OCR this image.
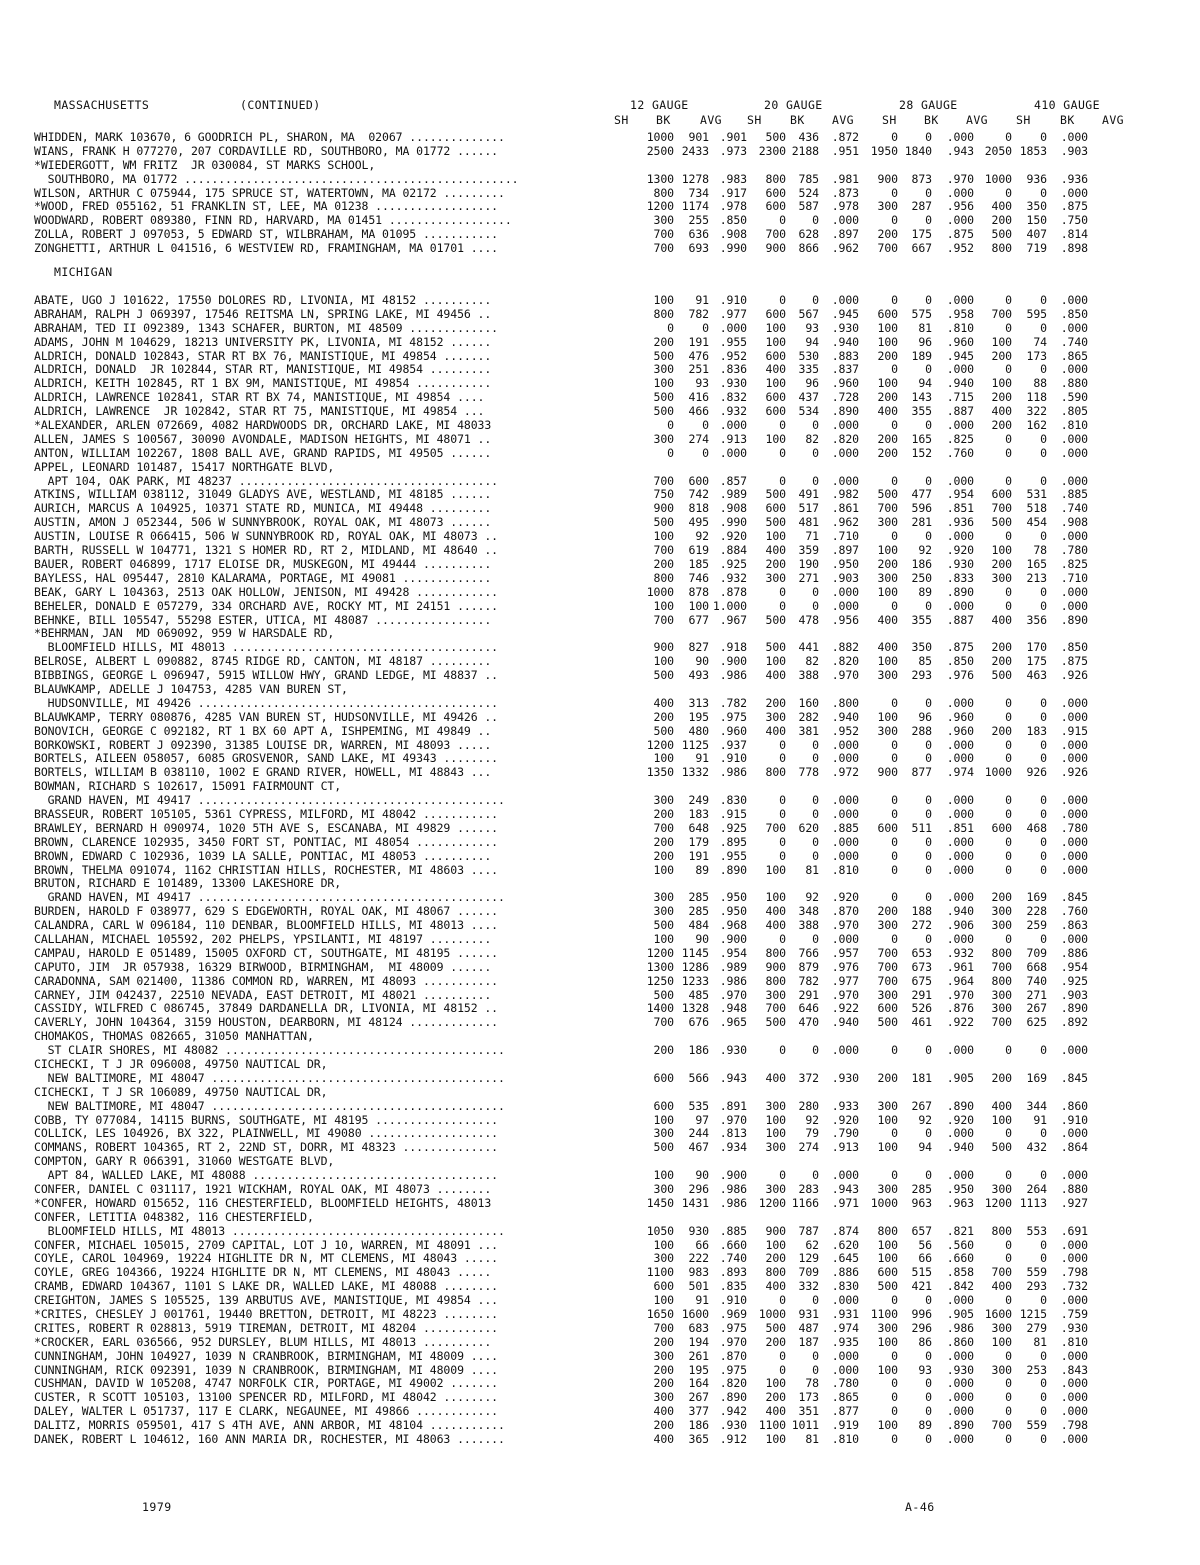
MASSACHUSETTS	(CONTINUED)	12 GAUGE	20 GAUGE	28 GAUGE	410 GAUGE
SH BK	AVG SH BK AVG SH BK AVG SH	BK AVG
WHIDDEN, MARK 103670, 6 GOODRICH PL, SHARON, MA  02067 ..............	1000 901 .901 500 436 .872	0 0 .000	0 0 .000
WIANS, FRANK H 077270, 207 CORDAVILLE RD, SOUTHBORO, MA 01772 ......	2500 2433 .973 2300 2188 .951 1950 1840 .943 2050 1853 .903
*WIEDERGOTT, WM FRITZ  JR 030084, ST MARKS SCHOOL,
SOUTHBORO, MA 01772 .................................................	1300 1278 .983 800 785 .981 900 873 .970 1000 936 .936
WILSON, ARTHUR C 075944, 175 SPRUCE ST, WATERTOWN, MA 02172 .........	800 734 .917 600 524 .873	0 0 .000	0 0 .000
*WOOD, FRED 055162, 51 FRANKLIN ST, LEE, MA 01238 ..................	1200 1174 .978 600 587 .978 300 287 .956 400 350 .875
WOODWARD, ROBERT 089380, FINN RD, HARVARD, MA 01451 ..................	300 255 .850	0 0 .000	0 0 .000 200 150 .750
ZOLLA, ROBERT J 097053, 5 EDWARD ST, WILBRAHAM, MA 01095 ...........	700 636 .908 700 628 .897 200 175 .875 500 407 .814
ZONGHETTI, ARTHUR L 041516, 6 WESTVIEW RD, FRAMINGHAM, MA 01701 ....	700 693 .990 900 866 .962 700 667 .952 800 719 .898
MICHIGAN
ABATE, UGO J 101622, 17550 DOLORES RD, LIVONIA, MI 48152 ..........	100 91 .910	0 0 .000	0 0 .000	0 0 .000
ABRAHAM, RALPH J 069397, 17546 REITSMA LN, SPRING LAKE, MI 49456 ..	800 782 .977 600 567 .945 600 575 .958 700 595 .850
ABRAHAM, TED II 092389, 1343 SCHAFER, BURTON, MI 48509 .............	0 0 .000 100 93 .930 100 81 .810	0 0 .000
ADAMS, JOHN M 104629, 18213 UNIVERSITY PK, LIVONIA, MI 48152 ......	200 191 .955 100 94 .940 100 96 .960 100 74 .740
ALDRICH, DONALD 102843, STAR RT BX 76, MANISTIQUE, MI 49854 .......	500 476 .952 600 530 .883 200 189 .945 200 173 .865
ALDRICH, DONALD  JR 102844, STAR RT, MANISTIQUE, MI 49854 .........	300 251 .836 400 335 .837	0 0 .000	0 0 .000
ALDRICH, KEITH 102845, RT 1 BX 9M, MANISTIQUE, MI 49854 ...........	100 93 .930 100 96 .960 100 94 .940 100 88 .880
ALDRICH, LAWRENCE 102841, STAR RT BX 74, MANISTIQUE, MI 49854 ....	500 416 .832 600 437 .728 200 143 .715 200 118 .590
ALDRICH, LAWRENCE  JR 102842, STAR RT 75, MANISTIQUE, MI 49854 ...	500 466 .932 600 534 .890 400 355 .887 400 322 .805
*ALEXANDER, ARLEN 072669, 4082 HARDWOODS DR, ORCHARD LAKE, MI 48033	0 0 .000	0 0 .000	0 0 .000 200 162 .810
ALLEN, JAMES S 100567, 30090 AVONDALE, MADISON HEIGHTS, MI 48071 ..	300 274 .913 100 82 .820 200 165 .825	0 0 .000
ANTON, WILLIAM 102267, 1808 BALL AVE, GRAND RAPIDS, MI 49505 ......	0 0 .000	0 0 .000 200 152 .760	0 0 .000
APPEL, LEONARD 101487, 15417 NORTHGATE BLVD,
APT 104, OAK PARK, MI 48237 ......................................	700 600 .857	0 0 .000	0 0 .000	0 0 .000
ATKINS, WILLIAM 038112, 31049 GLADYS AVE, WESTLAND, MI 48185 ......	750 742 .989 500 491 .982 500 477 .954 600 531 .885
AURICH, MARCUS A 104925, 10371 STATE RD, MUNICA, MI 49448 .........	900 818 .908 600 517 .861 700 596 .851 700 518 .740
AUSTIN, AMON J 052344, 506 W SUNNYBROOK, ROYAL OAK, MI 48073 ......	500 495 .990 500 481 .962 300 281 .936 500 454 .908
AUSTIN, LOUISE R 066415, 506 W SUNNYBROOK RD, ROYAL OAK, MI 48073 ..	100 92 .920 100 71 .710	0 0 .000	0 0 .000
BARTH, RUSSELL W 104771, 1321 S HOMER RD, RT 2, MIDLAND, MI 48640 ..	700 619 .884 400 359 .897 100 92 .920 100 78 .780
BAUER, ROBERT 046899, 1717 ELOISE DR, MUSKEGON, MI 49444 ..........	200 185 .925 200 190 .950 200 186 .930 200 165 .825
BAYLESS, HAL 095447, 2810 KALARAMA, PORTAGE, MI 49081 .............	800 746 .932 300 271 .903 300 250 .833 300 213 .710
BEAK, GARY L 104363, 2513 OAK HOLLOW, JENISON, MI 49428 ............	1000 878 .878	0 0 .000 100 89 .890	0 0 .000
BEHELER, DONALD E 057279, 334 ORCHARD AVE, ROCKY MT, MI 24151 ......	100 100 1.000	0 0 .000	0 0 .000	0 0 .000
BEHNKE, BILL 105547, 55298 ESTER, UTICA, MI 48087 .................	700 677 .967 500 478 .956 400 355 .887 400 356 .890
*BEHRMAN, JAN  MD 069092, 959 W HARSDALE RD,
BLOOMFIELD HILLS, MI 48013 .......................................	900 827 .918 500 441 .882 400 350 .875 200 170 .850
BELROSE, ALBERT L 090882, 8745 RIDGE RD, CANTON, MI 48187 .........	100 90 .900 100 82 .820 100 85 .850 200 175 .875
BIBBINGS, GEORGE L 096947, 5915 WILLOW HWY, GRAND LEDGE, MI 48837 ..	500 493 .986 400 388 .970 300 293 .976 500 463 .926
BLAUWKAMP, ADELLE J 104753, 4285 VAN BUREN ST,
HUDSONVILLE, MI 49426 ............................................	400 313 .782 200 160 .800	0 0 .000	0 0 .000
BLAUWKAMP, TERRY 080876, 4285 VAN BUREN ST, HUDSONVILLE, MI 49426 ..	200 195 .975 300 282 .940 100 96 .960	0 0 .000
BONOVICH, GEORGE C 092182, RT 1 BX 60 APT A, ISHPEMING, MI 49849 ..	500 480 .960 400 381 .952 300 288 .960 200 183 .915
BORKOWSKI, ROBERT J 092390, 31385 LOUISE DR, WARREN, MI 48093 .....	1200 1125 .937	0 0 .000	0 0 .000	0 0 .000
BORTELS, AILEEN 058057, 6085 GROSVENOR, SAND LAKE, MI 49343 ........	100 91 .910	0 0 .000	0 0 .000	0 0 .000
BORTELS, WILLIAM B 038110, 1002 E GRAND RIVER, HOWELL, MI 48843 ...	1350 1332 .986 800 778 .972 900 877 .974 1000 926 .926
BOWMAN, RICHARD S 102617, 15091 FAIRMOUNT CT,
GRAND HAVEN, MI 49417 .............................................	300 249 .830	0 0 .000	0 0 .000	0 0 .000
BRASSEUR, ROBERT 105105, 5361 CYPRESS, MILFORD, MI 48042 ...........	200 183 .915	0 0 .000	0 0 .000	0 0 .000
BRAWLEY, BERNARD H 090974, 1020 5TH AVE S, ESCANABA, MI 49829 ......	700 648 .925 700 620 .885 600 511 .851 600 468 .780
BROWN, CLARENCE 102935, 3450 FORT ST, PONTIAC, MI 48054 ............	200 179 .895	0 0 .000	0 0 .000	0 0 .000
BROWN, EDWARD C 102936, 1039 LA SALLE, PONTIAC, MI 48053 ..........	200 191 .955	0 0 .000	0 0 .000	0 0 .000
BROWN, THELMA 091074, 1162 CHRISTIAN HILLS, ROCHESTER, MI 48603 ....	100 89 .890 100 81 .810	0 0 .000	0 0 .000
BRUTON, RICHARD E 101489, 13300 LAKESHORE DR,
GRAND HAVEN, MI 49417 .............................................	300 285 .950 100 92 .920	0 0 .000 200 169 .845
BURDEN, HAROLD F 038977, 629 S EDGEWORTH, ROYAL OAK, MI 48067 ......	300 285 .950 400 348 .870 200 188 .940 300 228 .760
CALANDRA, CARL W 096184, 110 DENBAR, BLOOMFIELD HILLS, MI 48013 ....	500 484 .968 400 388 .970 300 272 .906 300 259 .863
CALLAHAN, MICHAEL 105592, 202 PHELPS, YPSILANTI, MI 48197 .........	100 90 .900	0 0 .000	0 0 .000	0 0 .000
CAMPAU, HAROLD E 051489, 15005 OXFORD CT, SOUTHGATE, MI 48195 ......	1200 1145 .954 800 766 .957 700 653 .932 800 709 .886
CAPUTO, JIM  JR 057938, 16329 BIRWOOD, BIRMINGHAM,  MI 48009 ......	1300 1286 .989 900 879 .976 700 673 .961 700 668 .954
CARADONNA, SAM 021400, 11386 COMMON RD, WARREN, MI 48093 ...........	1250 1233 .986 800 782 .977 700 675 .964 800 740 .925
CARNEY, JIM 042437, 22510 NEVADA, EAST DETROIT, MI 48021 ..........	500 485 .970 300 291 .970 300 291 .970 300 271 .903
CASSIDY, WILFRED C 086745, 37849 DARDANELLA DR, LIVONIA, MI 48152 ..	1400 1328 .948 700 646 .922 600 526 .876 300 267 .890
CAVERLY, JOHN 104364, 3159 HOUSTON, DEARBORN, MI 48124 .............	700 676 .965 500 470 .940 500 461 .922 700 625 .892
CHOMAKOS, THOMAS 082665, 31050 MANHATTAN,
ST CLAIR SHORES, MI 48082 .........................................	200 186 .930	0 0 .000	0 0 .000	0 0 .000
CICHECKI, T J JR 096008, 49750 NAUTICAL DR,
NEW BALTIMORE, MI 48047 ...........................................	600 566 .943 400 372 .930 200 181 .905 200 169 .845
CICHECKI, T J SR 106089, 49750 NAUTICAL DR,
NEW BALTIMORE, MI 48047 ...........................................	600 535 .891 300 280 .933 300 267 .890 400 344 .860
COBB, TY 077084, 14115 BURNS, SOUTHGATE, MI 48195 ..................	100 97 .970 100 92 .920 100 92 .920 100 91 .910
COLLICK, LES 104926, BX 322, PLAINWELL, MI 49080 ...................	300 244 .813 100 79 .790	0 0 .000	0 0 .000
COMMANS, ROBERT 104365, RT 2, 22ND ST, DORR, MI 48323 ..............	500 467 .934 300 274 .913 100 94 .940 500 432 .864
COMPTON, GARY R 066391, 31060 WESTGATE BLVD,
APT 84, WALLED LAKE, MI 48088 ....................................	100 90 .900	0 0 .000	0 0 .000	0 0 .000
CONFER, DANIEL C 031117, 1921 WICKHAM, ROYAL OAK, MI 48073 ........	300 296 .986 300 283 .943 300 285 .950 300 264 .880
*CONFER, HOWARD 015652, 116 CHESTERFIELD, BLOOMFIELD HEIGHTS, 48013	1450 1431 .986 1200 1166 .971 1000 963 .963 1200 1113 .927
CONFER, LETITIA 048382, 116 CHESTERFIELD,
BLOOMFIELD HILLS, MI 48013 ........................................	1050 930 .885 900 787 .874 800 657 .821 800 553 .691
CONFER, MICHAEL 105015, 2709 CAPITAL, LOT J 10, WARREN, MI 48091 ...	100 66 .660 100 62 .620 100 56 .560	0 0 .000
COYLE, CAROL 104969, 19224 HIGHLITE DR N, MT CLEMENS, MI 48043 .....	300 222 .740 200 129 .645 100 66 .660	0 0 .000
COYLE, GREG 104366, 19224 HIGHLITE DR N, MT CLEMENS, MI 48043 .....	1100 983 .893 800 709 .886 600 515 .858 700 559 .798
CRAMB, EDWARD 104367, 1101 S LAKE DR, WALLED LAKE, MI 48088 ........	600 501 .835 400 332 .830 500 421 .842 400 293 .732
CREIGHTON, JAMES S 105525, 139 ARBUTUS AVE, MANISTIQUE, MI 49854 ...	100 91 .910	0 0 .000	0 0 .000	0 0 .000
*CRITES, CHESLEY J 001761, 19440 BRETTON, DETROIT, MI 48223 ........	1650 1600 .969 1000 931 .931 1100 996 .905 1600 1215 .759
CRITES, ROBERT R 028813, 5919 TIREMAN, DETROIT, MI 48204 ...........	700 683 .975 500 487 .974 300 296 .986 300 279 .930
*CROCKER, EARL 036566, 952 DURSLEY, BLUM HILLS, MI 48013 ..........	200 194 .970 200 187 .935 100 86 .860 100 81 .810
CUNNINGHAM, JOHN 104927, 1039 N CRANBROOK, BIRMINGHAM, MI 48009 ....	300 261 .870	0 0 .000	0 0 .000	0 0 .000
CUNNINGHAM, RICK 092391, 1039 N CRANBROOK, BIRMINGHAM, MI 48009 ....	200 195 .975	0 0 .000 100 93 .930 300 253 .843
CUSHMAN, DAVID W 105208, 4747 NORFOLK CIR, PORTAGE, MI 49002 .......	200 164 .820 100 78 .780	0 0 .000	0 0 .000
CUSTER, R SCOTT 105103, 13100 SPENCER RD, MILFORD, MI 48042 ........	300 267 .890 200 173 .865	0 0 .000	0 0 .000
DALEY, WALTER L 051737, 117 E CLARK, NEGAUNEE, MI 49866 ............	400 377 .942 400 351 .877	0 0 .000	0 0 .000
DALITZ, MORRIS 059501, 417 S 4TH AVE, ANN ARBOR, MI 48104 ...........	200 186 .930 1100 1011 .919 100 89 .890 700 559 .798
DANEK, ROBERT L 104612, 160 ANN MARIA DR, ROCHESTER, MI 48063 .......	400 365 .912 100 81 .810	0 0 .000	0 0 .000
1979	A-46
